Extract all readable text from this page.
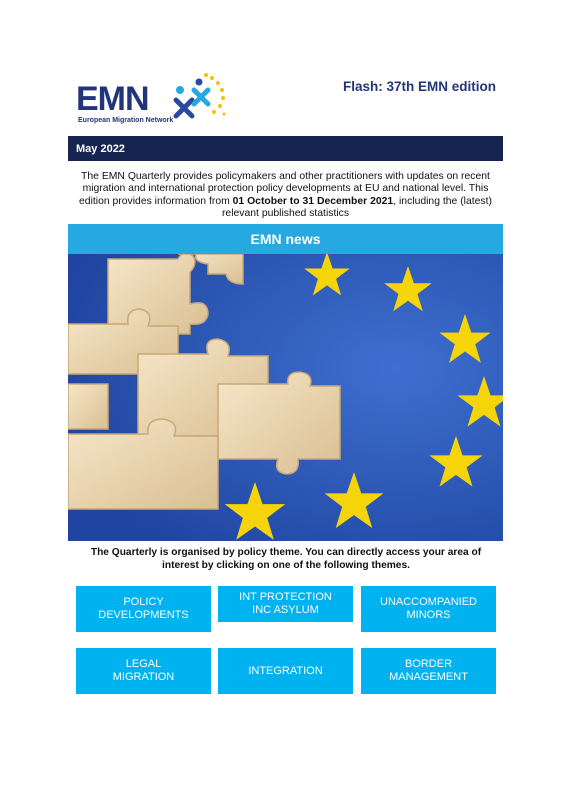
EMN
European Migration Network
Flash: 37th EMN edition
May 2022
The EMN Quarterly provides policymakers and other practitioners with updates on recent migration and international protection policy developments at EU and national level. This edition provides information from 01 October to 31 December 2021, including the (latest) relevant published statistics
EMN news
The Quarterly is organised by policy theme. You can directly access your area of interest by clicking on one of the following themes.
POLICY
DEVELOPMENTS
INT PROTECTION
INC ASYLUM
UNACCOMPANIED
MINORS
LEGAL
MIGRATION
INTEGRATION
BORDER
MANAGEMENT
